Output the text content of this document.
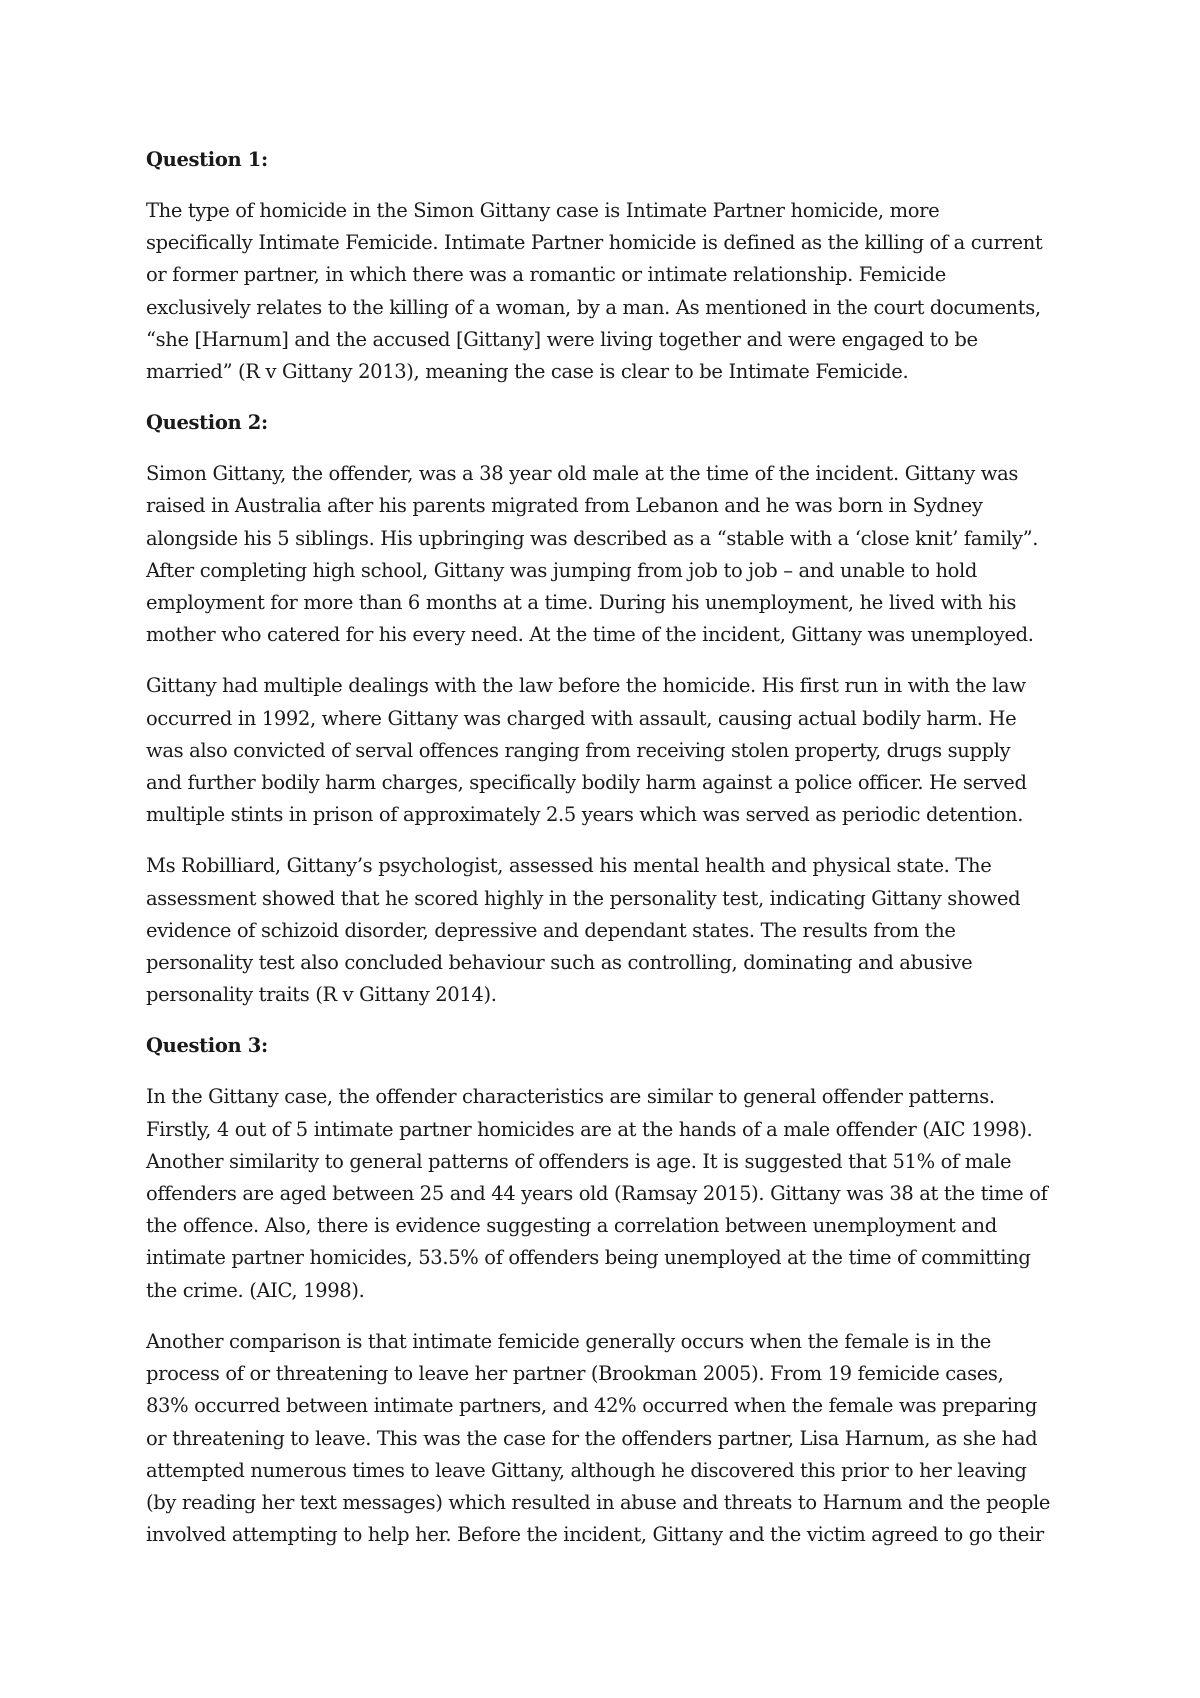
Question 1:
The type of homicide in the Simon Gittany case is Intimate Partner homicide, more
specifically Intimate Femicide. Intimate Partner homicide is defined as the killing of a current
or former partner, in which there was a romantic or intimate relationship. Femicide
exclusively relates to the killing of a woman, by a man. As mentioned in the court documents,
“she [Harnum] and the accused [Gittany] were living together and were engaged to be
married” (R v Gittany 2013), meaning the case is clear to be Intimate Femicide.
Question 2:
Simon Gittany, the offender, was a 38 year old male at the time of the incident. Gittany was
raised in Australia after his parents migrated from Lebanon and he was born in Sydney
alongside his 5 siblings. His upbringing was described as a “stable with a ‘close knit’ family”.
After completing high school, Gittany was jumping from job to job – and unable to hold
employment for more than 6 months at a time. During his unemployment, he lived with his
mother who catered for his every need. At the time of the incident, Gittany was unemployed.
Gittany had multiple dealings with the law before the homicide. His first run in with the law
occurred in 1992, where Gittany was charged with assault, causing actual bodily harm. He
was also convicted of serval offences ranging from receiving stolen property, drugs supply
and further bodily harm charges, specifically bodily harm against a police officer. He served
multiple stints in prison of approximately 2.5 years which was served as periodic detention.
Ms Robilliard, Gittany’s psychologist, assessed his mental health and physical state. The
assessment showed that he scored highly in the personality test, indicating Gittany showed
evidence of schizoid disorder, depressive and dependant states. The results from the
personality test also concluded behaviour such as controlling, dominating and abusive
personality traits (R v Gittany 2014).
Question 3:
In the Gittany case, the offender characteristics are similar to general offender patterns.
Firstly, 4 out of 5 intimate partner homicides are at the hands of a male offender (AIC 1998).
Another similarity to general patterns of offenders is age. It is suggested that 51% of male
offenders are aged between 25 and 44 years old (Ramsay 2015). Gittany was 38 at the time of
the offence. Also, there is evidence suggesting a correlation between unemployment and
intimate partner homicides, 53.5% of offenders being unemployed at the time of committing
the crime. (AIC, 1998).
Another comparison is that intimate femicide generally occurs when the female is in the
process of or threatening to leave her partner (Brookman 2005). From 19 femicide cases,
83% occurred between intimate partners, and 42% occurred when the female was preparing
or threatening to leave. This was the case for the offenders partner, Lisa Harnum, as she had
attempted numerous times to leave Gittany, although he discovered this prior to her leaving
(by reading her text messages) which resulted in abuse and threats to Harnum and the people
involved attempting to help her. Before the incident, Gittany and the victim agreed to go their
